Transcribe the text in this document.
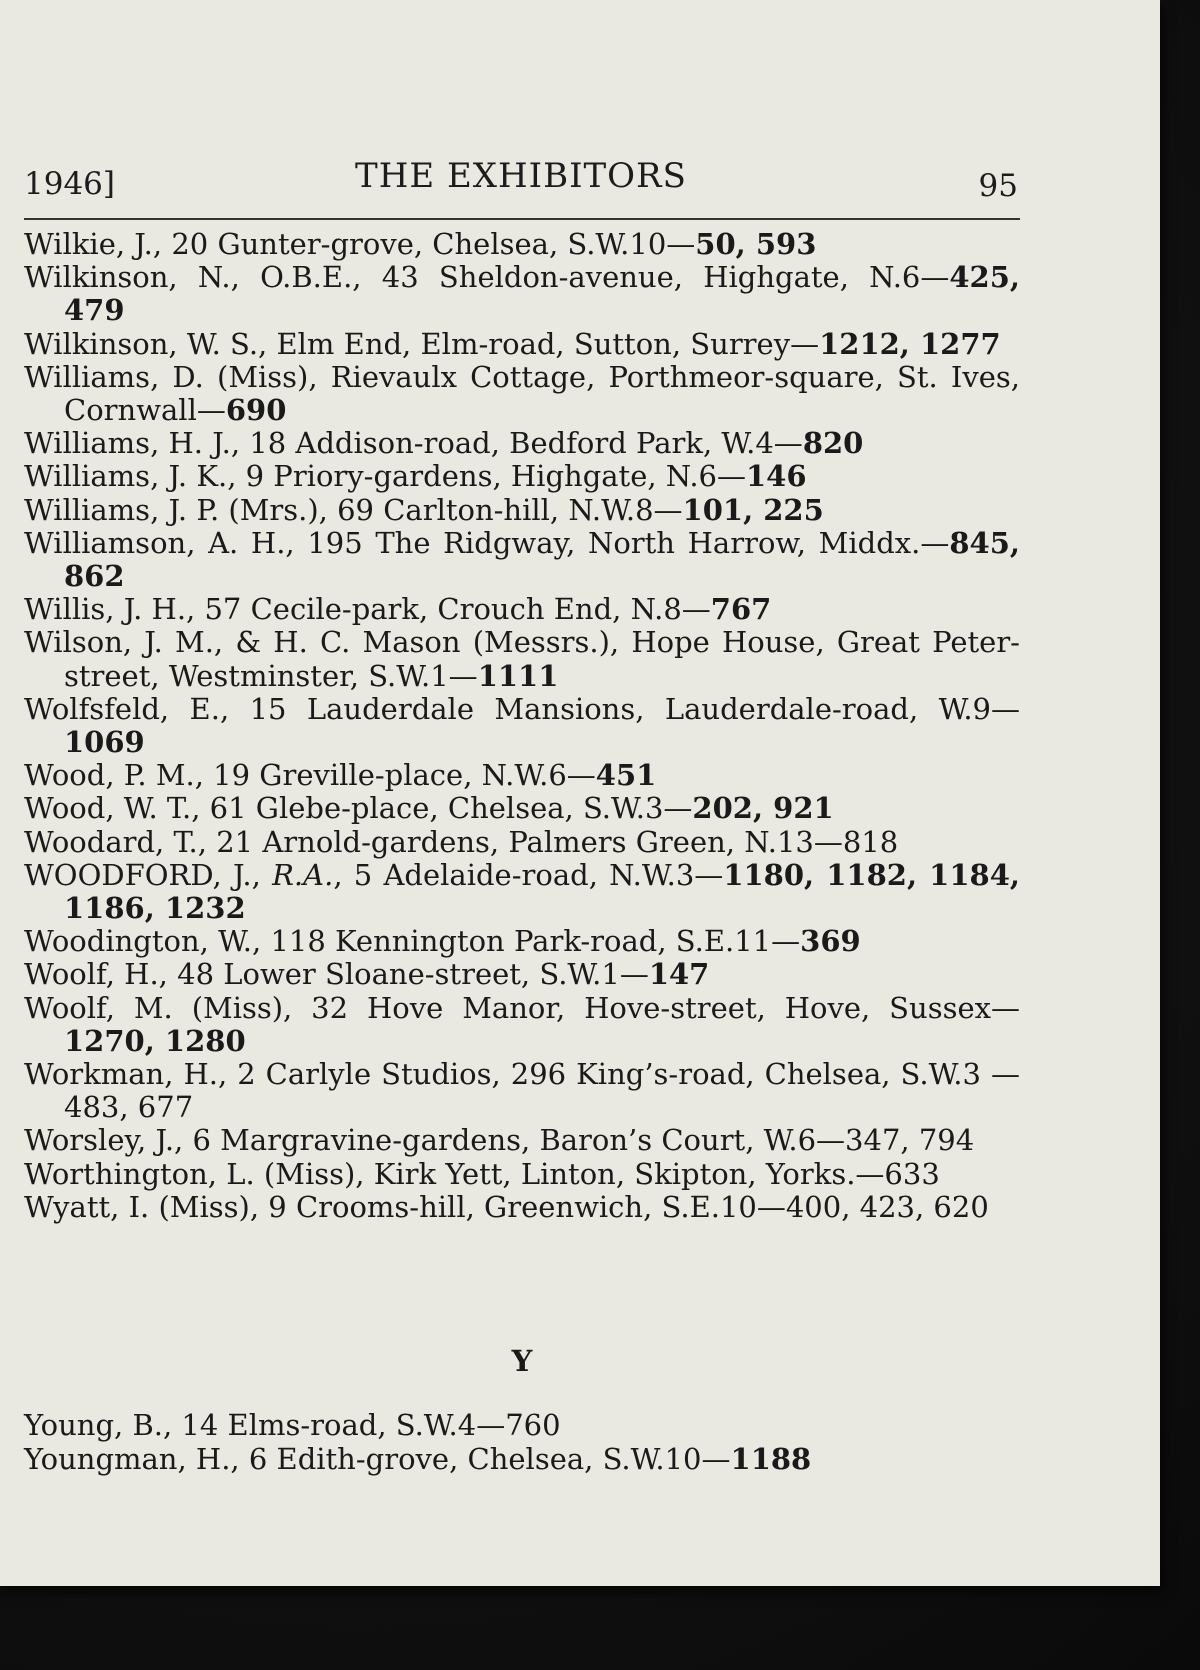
1946]	THE EXHIBITORS	95
Wilkie, J., 20 Gunter-grove, Chelsea, S.W.10—50, 593
Wilkinson, N., O.B.E., 43 Sheldon-avenue, Highgate, N.6—425, 479
Wilkinson, W. S., Elm End, Elm-road, Sutton, Surrey—1212, 1277
Williams, D. (Miss), Rievaulx Cottage, Porthmeor-square, St. Ives, Cornwall—690
Williams, H. J., 18 Addison-road, Bedford Park, W.4—820
Williams, J. K., 9 Priory-gardens, Highgate, N.6—146
Williams, J. P. (Mrs.), 69 Carlton-hill, N.W.8—101, 225
Williamson, A. H., 195 The Ridgway, North Harrow, Middx.—845, 862
Willis, J. H., 57 Cecile-park, Crouch End, N.8—767
Wilson, J. M., & H. C. Mason (Messrs.), Hope House, Great Peter-street, Westminster, S.W.1—1111
Wolfsfeld, E., 15 Lauderdale Mansions, Lauderdale-road, W.9—1069
Wood, P. M., 19 Greville-place, N.W.6—451
Wood, W. T., 61 Glebe-place, Chelsea, S.W.3—202, 921
Woodard, T., 21 Arnold-gardens, Palmers Green, N.13—818
WOODFORD, J., R.A., 5 Adelaide-road, N.W.3—1180, 1182, 1184, 1186, 1232
Woodington, W., 118 Kennington Park-road, S.E.11—369
Woolf, H., 48 Lower Sloane-street, S.W.1—147
Woolf, M. (Miss), 32 Hove Manor, Hove-street, Hove, Sussex—1270, 1280
Workman, H., 2 Carlyle Studios, 296 King’s-road, Chelsea, S.W.3 —483, 677
Worsley, J., 6 Margravine-gardens, Baron’s Court, W.6—347, 794
Worthington, L. (Miss), Kirk Yett, Linton, Skipton, Yorks.—633
Wyatt, I. (Miss), 9 Crooms-hill, Greenwich, S.E.10—400, 423, 620
Y
Young, B., 14 Elms-road, S.W.4—760
Youngman, H., 6 Edith-grove, Chelsea, S.W.10—1188
